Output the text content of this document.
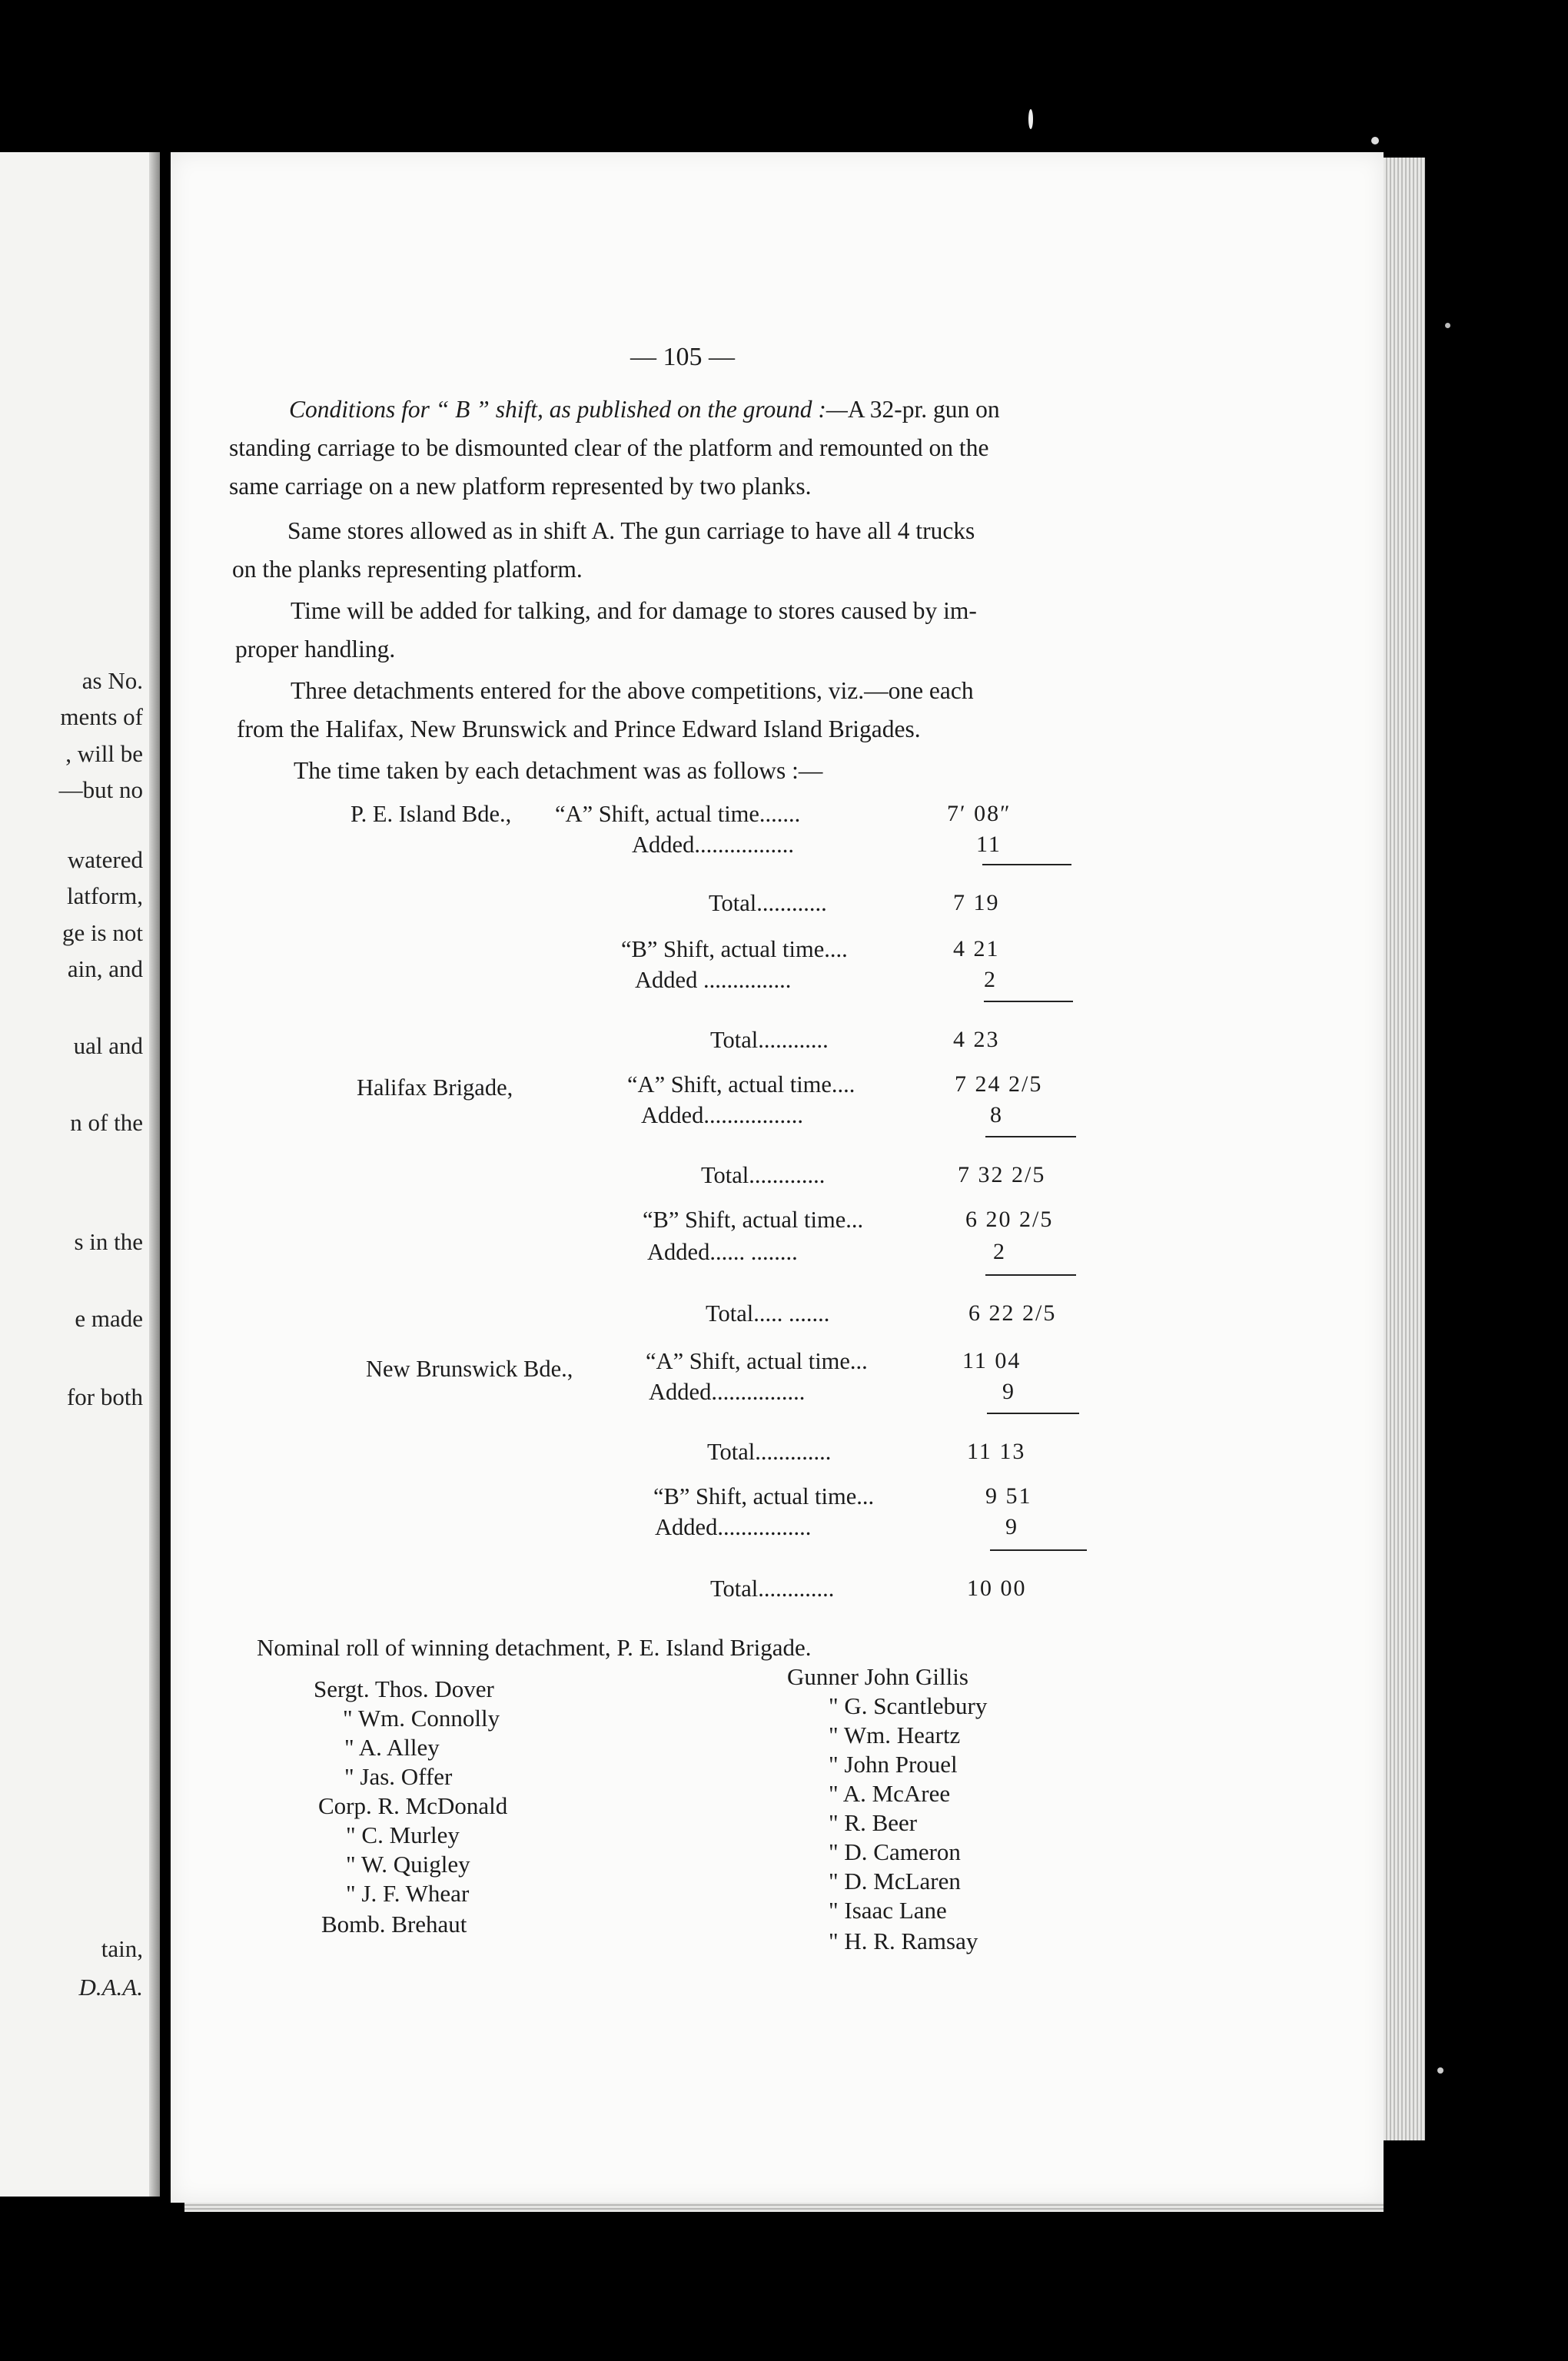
as No.
ments of
, will be
—but no
watered
latform,
ge is not
ain, and
ual and
n of the
s in the
e made
for both
tain,
D.A.A.
— 105 —
Conditions for “ B ” shift, as published on the ground :—A 32-pr. gun on
standing carriage to be dismounted clear of the platform and remounted on the
same carriage on a new platform represented by two planks.
Same stores allowed as in shift A. The gun carriage to have all 4 trucks
on the planks representing platform.
Time will be added for talking, and for damage to stores caused by im-
proper handling.
Three detachments entered for the above competitions, viz.—one each
from the Halifax, New Brunswick and Prince Edward Island Brigades.
The time taken by each detachment was as follows :—
P. E. Island Bde., “A” Shift, actual time.......	7′ 08″
Added.................	11
Total............	7 19
“B” Shift, actual time....	4 21
Added ...............	2
Total............	4 23
Halifax Brigade,	“A” Shift, actual time....	7 24 2/5
Added.................	8
Total.............	7 32 2/5
“B” Shift, actual time...	6 20 2/5
Added...... ........	2
Total..... .......	6 22 2/5
New Brunswick Bde.,	“A” Shift, actual time...	11 04
Added................	9
Total.............	11 13
“B” Shift, actual time...	9 51
Added................	9
Total.............	10 00
Nominal roll of winning detachment, P. E. Island Brigade.
Sergt. Thos. Dover
" Wm. Connolly
" A. Alley
" Jas. Offer
Corp. R. McDonald
" C. Murley
" W. Quigley
" J. F. Whear
Bomb. Brehaut
Gunner John Gillis
" G. Scantlebury
" Wm. Heartz
" John Prouel
" A. McAree
" R. Beer
" D. Cameron
" D. McLaren
" Isaac Lane
" H. R. Ramsay
